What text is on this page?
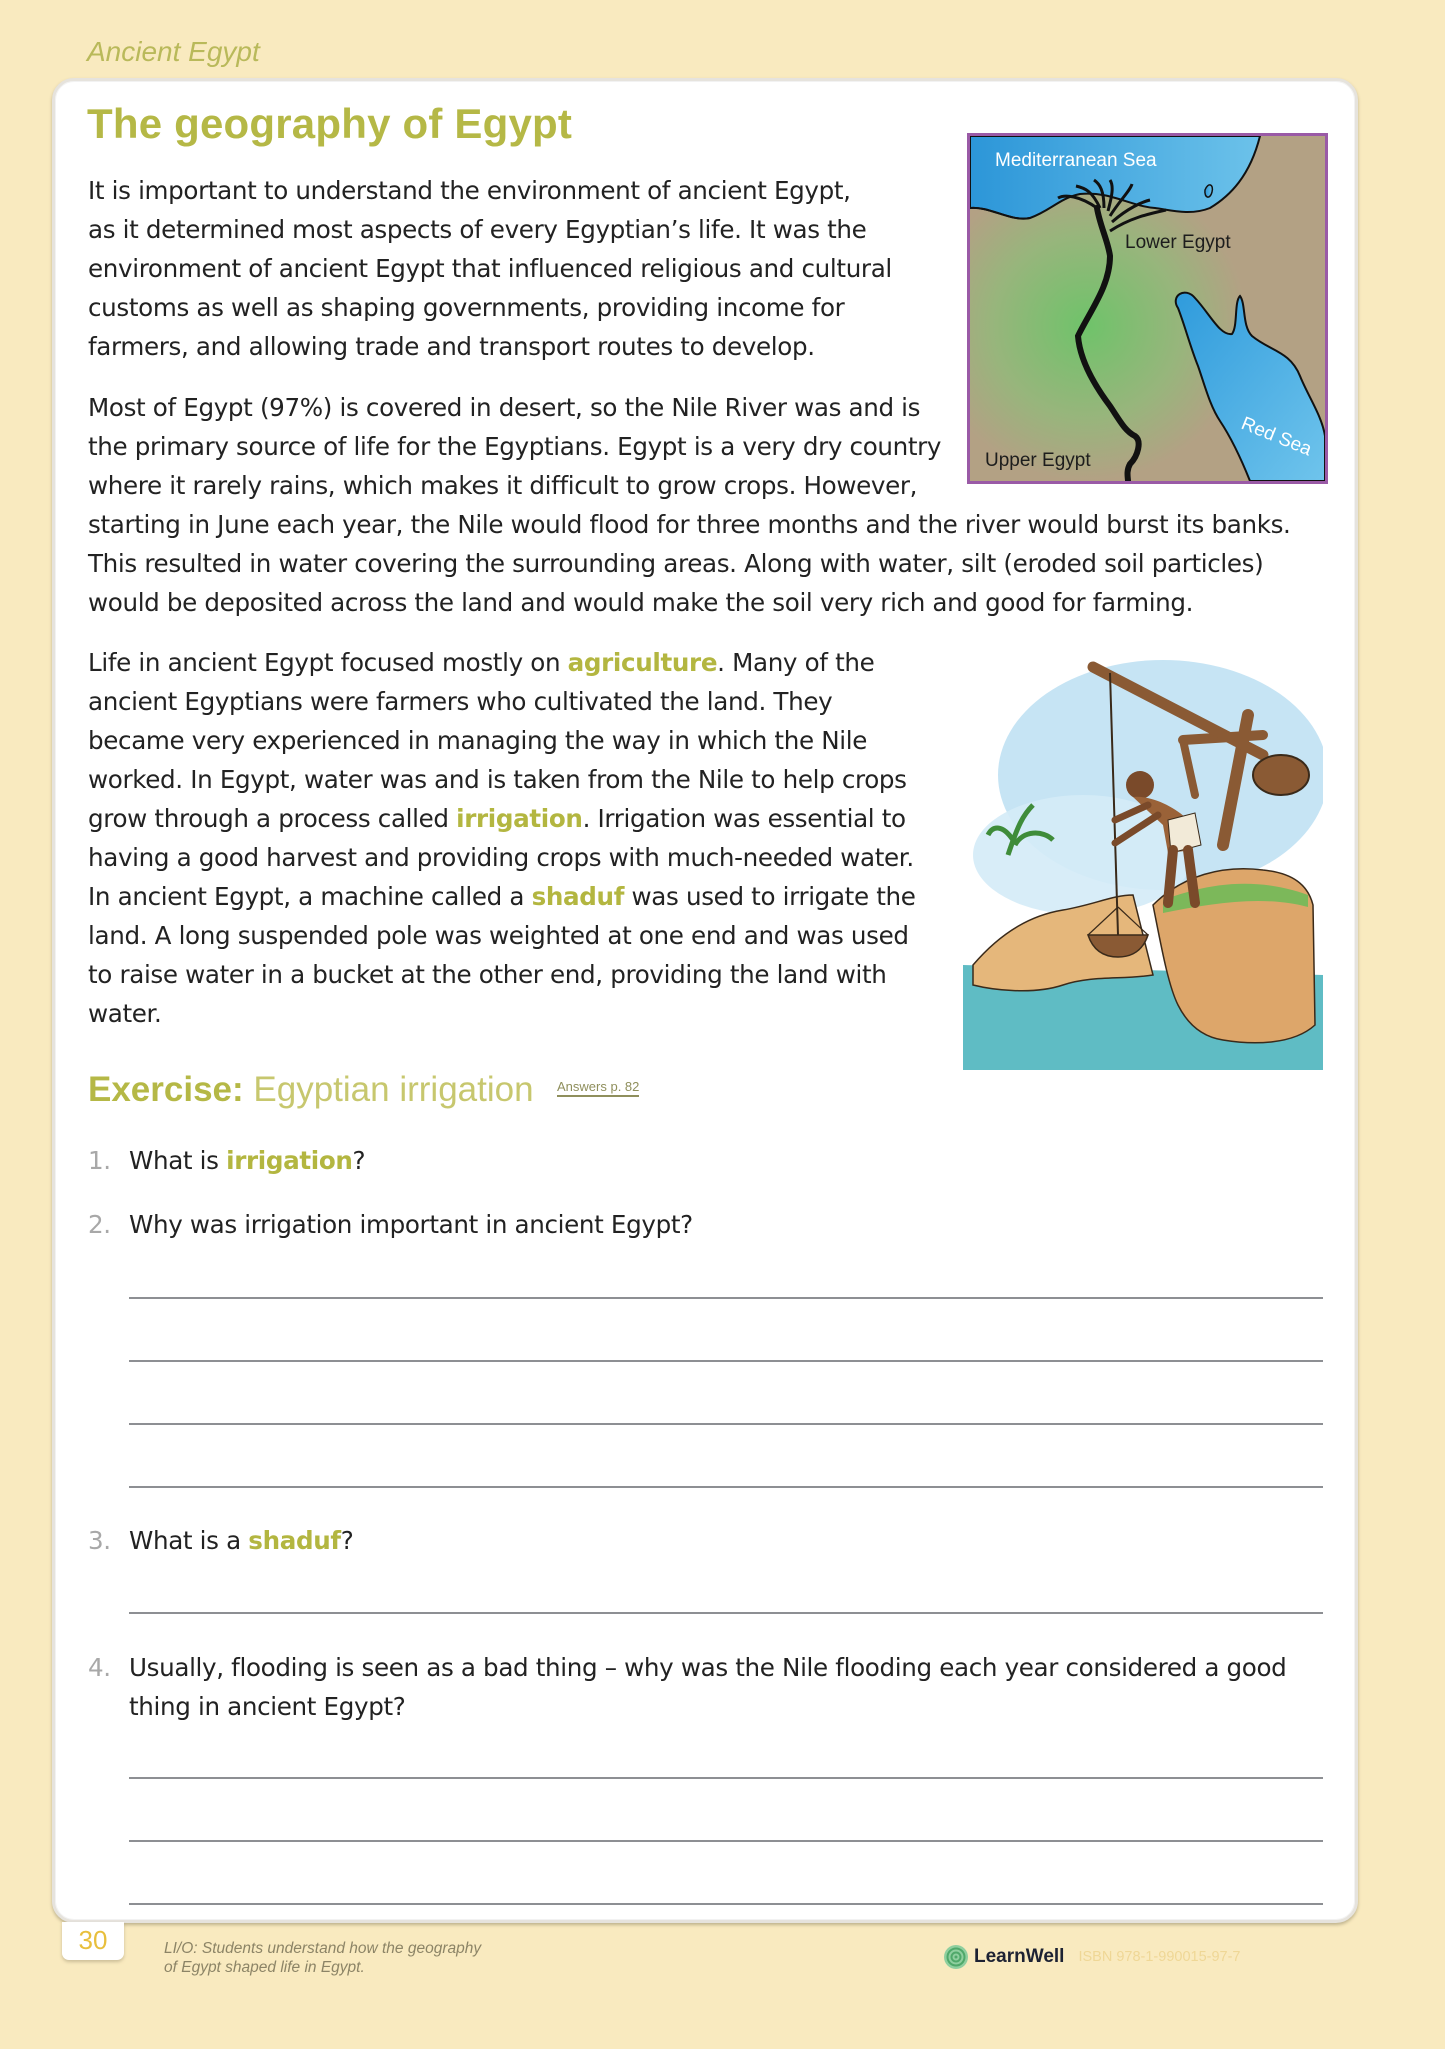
Ancient Egypt
The geography of Egypt
It is important to understand the environment of ancient Egypt,
as it determined most aspects of every Egyptian’s life. It was the
environment of ancient Egypt that influenced religious and cultural
customs as well as shaping governments, providing income for
farmers, and allowing trade and transport routes to develop.
Most of Egypt (97%) is covered in desert, so the Nile River was and is
the primary source of life for the Egyptians. Egypt is a very dry country
where it rarely rains, which makes it difficult to grow crops. However,
starting in June each year, the Nile would flood for three months and the river would burst its banks.
This resulted in water covering the surrounding areas. Along with water, silt (eroded soil particles)
would be deposited across the land and would make the soil very rich and good for farming.
Life in ancient Egypt focused mostly on agriculture. Many of the
ancient Egyptians were farmers who cultivated the land. They
became very experienced in managing the way in which the Nile
worked. In Egypt, water was and is taken from the Nile to help crops
grow through a process called irrigation. Irrigation was essential to
having a good harvest and providing crops with much-needed water.
In ancient Egypt, a machine called a shaduf was used to irrigate the
land. A long suspended pole was weighted at one end and was used
to raise water in a bucket at the other end, providing the land with
water.
Mediterranean Sea
Lower Egypt
Upper Egypt
Red Sea
Exercise: Egyptian irrigation Answers p. 82
1. What is irrigation?
2. Why was irrigation important in ancient Egypt?
3. What is a shaduf?
4. Usually, flooding is seen as a bad thing – why was the Nile flooding each year considered a good
thing in ancient Egypt?
30	LI/O: Students understand how the geography
of Egypt shaped life in Egypt.
LearnWell ISBN 978-1-990015-97-7
